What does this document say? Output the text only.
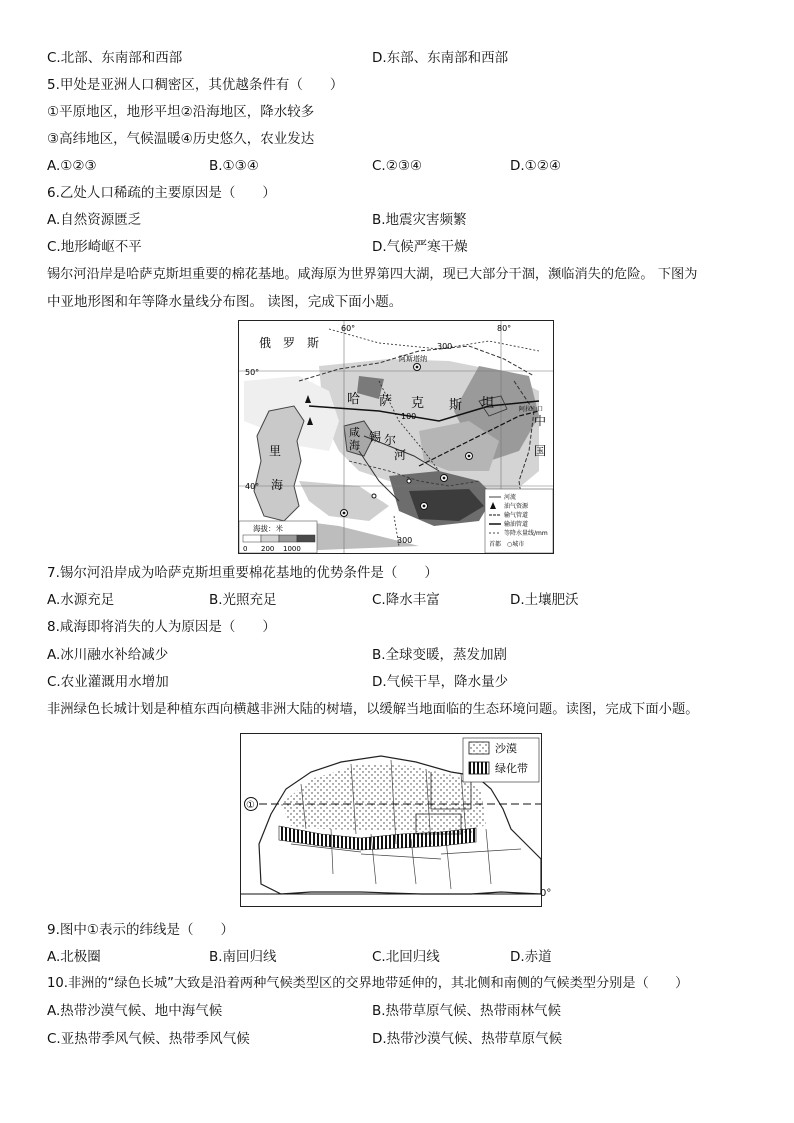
C.北部、东南部和西部	D.东部、东南部和西部
5.甲处是亚洲人口稠密区，其优越条件有（　　）
①平原地区，地形平坦②沿海地区，降水较多
③高纬地区，气候温暖④历史悠久，农业发达
A.①②③	B.①③④	C.②③④	D.①②④
6.乙处人口稀疏的主要原因是（　　）
A.自然资源匮乏	B.地震灾害频繁
C.地形崎岖不平	D.气候严寒干燥
锡尔河沿岸是哈萨克斯坦重要的棉花基地。咸海原为世界第四大湖，现已大部分干涸，濒临消失的危险。 下图为
中亚地形图和年等降水量线分布图。 读图，完成下面小题。
俄　罗　斯
哈 萨 克 斯 坦
中
国
里
海
咸
海
锡 尔
河
阿斯塔纳
60°	80°
50°
40°
300
100
300
阿拉山口
海拔：米
0 200 1000
河流
油气资源
输气管道
输油管道
等降水量线/mm
首都　○城市
7.锡尔河沿岸成为哈萨克斯坦重要棉花基地的优势条件是（　　）
A.水源充足	B.光照充足	C.降水丰富	D.土壤肥沃
8.咸海即将消失的人为原因是（　　）
A.冰川融水补给减少	B.全球变暖，蒸发加剧
C.农业灌溉用水增加	D.气候干旱，降水量少
非洲绿色长城计划是种植东西向横越非洲大陆的树墙，以缓解当地面临的生态环境问题。读图，完成下面小题。
①
沙漠
绿化带
0°
9.图中①表示的纬线是（　　）
A.北极圈	B.南回归线	C.北回归线	D.赤道
10.非洲的“绿色长城”大致是沿着两种气候类型区的交界地带延伸的，其北侧和南侧的气候类型分别是（　　）
A.热带沙漠气候、地中海气候	B.热带草原气候、热带雨林气候
C.亚热带季风气候、热带季风气候	D.热带沙漠气候、热带草原气候
